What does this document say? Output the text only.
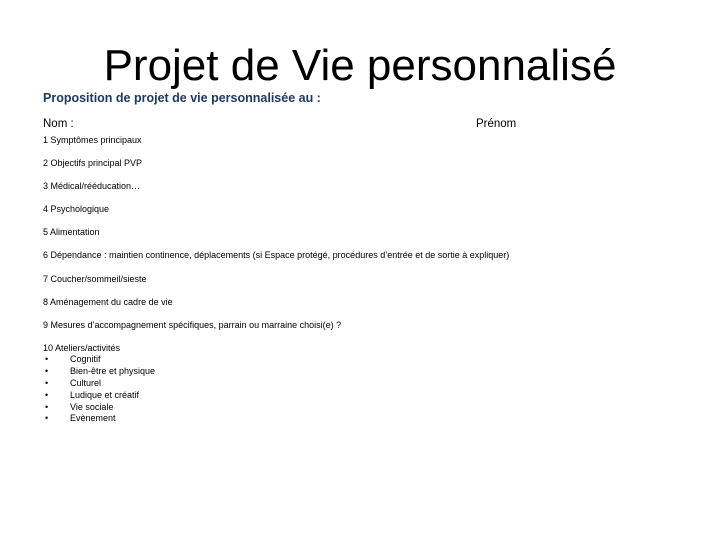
Projet de Vie personnalisé
Proposition de projet de vie personnalisée au :
Nom :	Prénom

1 Symptômes principaux

2 Objectifs principal PVP

3 Médical/rééducation…

4 Psychologique

5 Alimentation

6 Dépendance : maintien continence, déplacements (si Espace protégé, procédures d’entrée et de sortie à expliquer)

7 Coucher/sommeil/sieste

8 Aménagement du cadre de vie

9 Mesures d’accompagnement spécifiques, parrain ou marraine choisi(e) ?

10 Ateliers/activités
• Cognitif
• Bien-être et physique
• Culturel
• Ludique et créatif
• Vie sociale
• Evènement
